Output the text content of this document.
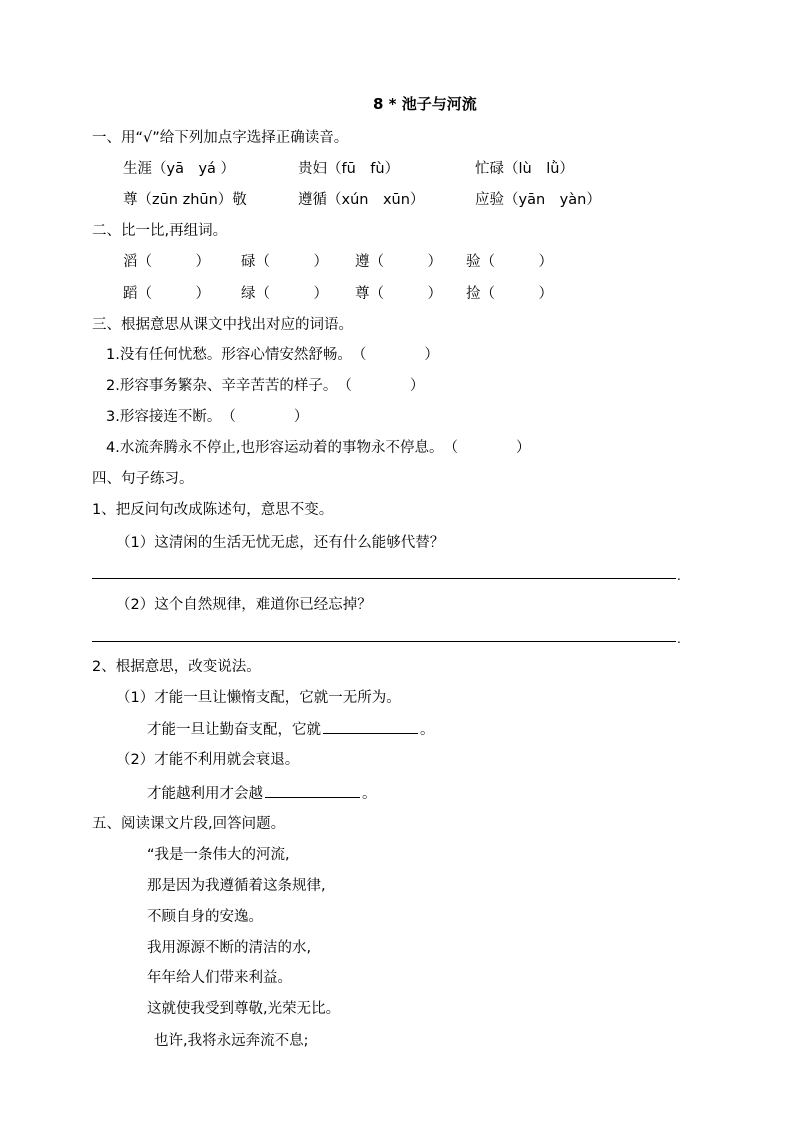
8 * 池子与河流
一、用“√”给下列加点字选择正确读音。
生涯（yā　yá ）	贵妇（fū　fù）	忙碌（lù　lǜ）
尊（zūn zhūn）敬	遵循（xún　xūn）	应验（yān　yàn）
二、比一比,再组词。
滔（　　　） 碌（　　　） 遵（　　　） 验（　　　）
蹈（　　　） 绿（　　　） 尊（　　　） 捡（　　　）
三、根据意思从课文中找出对应的词语。
1.没有任何忧愁。形容心情安然舒畅。　（　　　　）
2.形容事务繁杂、辛辛苦苦的样子。　（　　　　）
3.形容接连不断。　（　　　　）
4.水流奔腾永不停止,也形容运动着的事物永不停息。　（　　　　）
四、句子练习。
1、把反问句改成陈述句，意思不变。
（1）这清闲的生活无忧无虑，还有什么能够代替？
.
（2）这个自然规律，难道你已经忘掉？
.
2、根据意思，改变说法。
（1）才能一旦让懒惰支配，它就一无所为。
才能一旦让勤奋支配，它就	。
（2）才能不利用就会衰退。
才能越利用才会越	。
五、阅读课文片段,回答问题。
“我是一条伟大的河流,
那是因为我遵循着这条规律,
不顾自身的安逸。
我用源源不断的清洁的水,
年年给人们带来利益。
这就使我受到尊敬,光荣无比。
也许,我将永远奔流不息;
